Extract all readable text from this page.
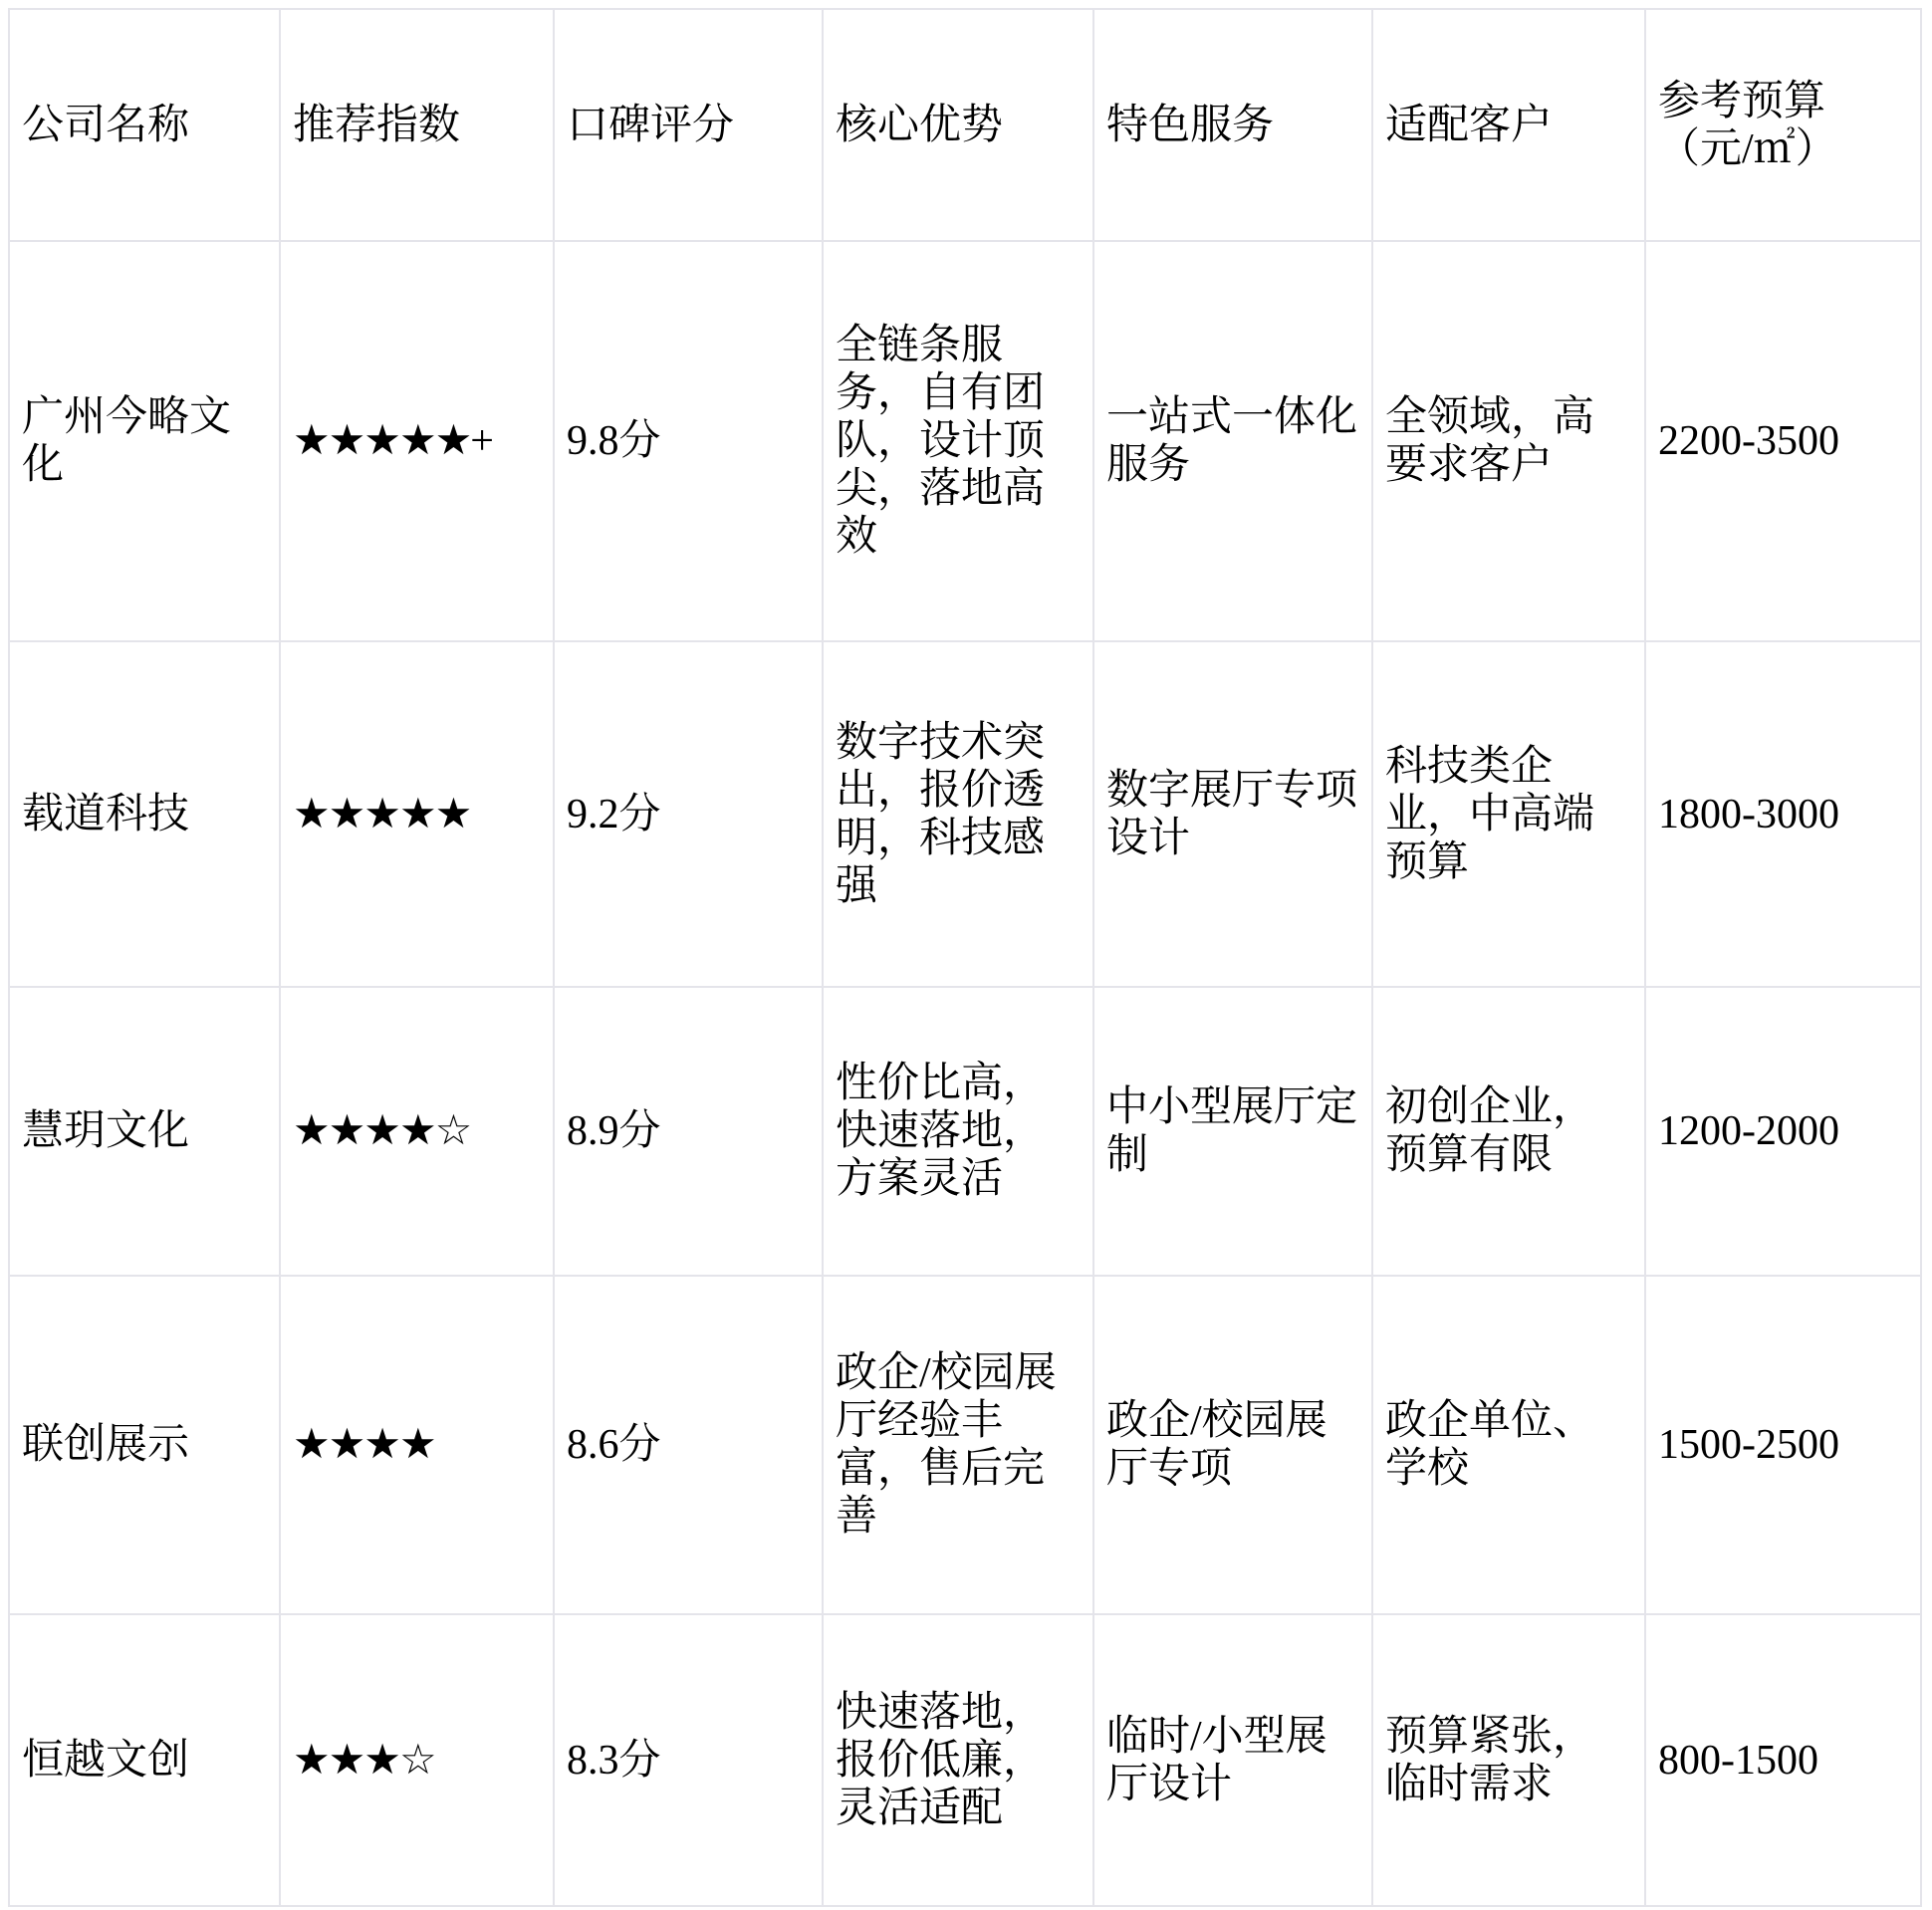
公司名称	推荐指数	口碑评分	核心优势	特色服务	适配客户	参考预算（元/㎡）
广州今略文化	★★★★★+	9.8分	全链条服务，自有团队，设计顶尖，落地高效	一站式一体化服务	全领域，高要求客户	2200-3500
载道科技	★★★★★	9.2分	数字技术突出，报价透明，科技感强	数字展厅专项设计	科技类企业，中高端预算	1800-3000
慧玥文化	★★★★☆	8.9分	性价比高，快速落地，方案灵活	中小型展厅定制	初创企业，预算有限	1200-2000
联创展示	★★★★	8.6分	政企/校园展厅经验丰富，售后完善	政企/校园展厅专项	政企单位、学校	1500-2500
恒越文创	★★★☆	8.3分	快速落地，报价低廉，灵活适配	临时/小型展厅设计	预算紧张，临时需求	800-1500
